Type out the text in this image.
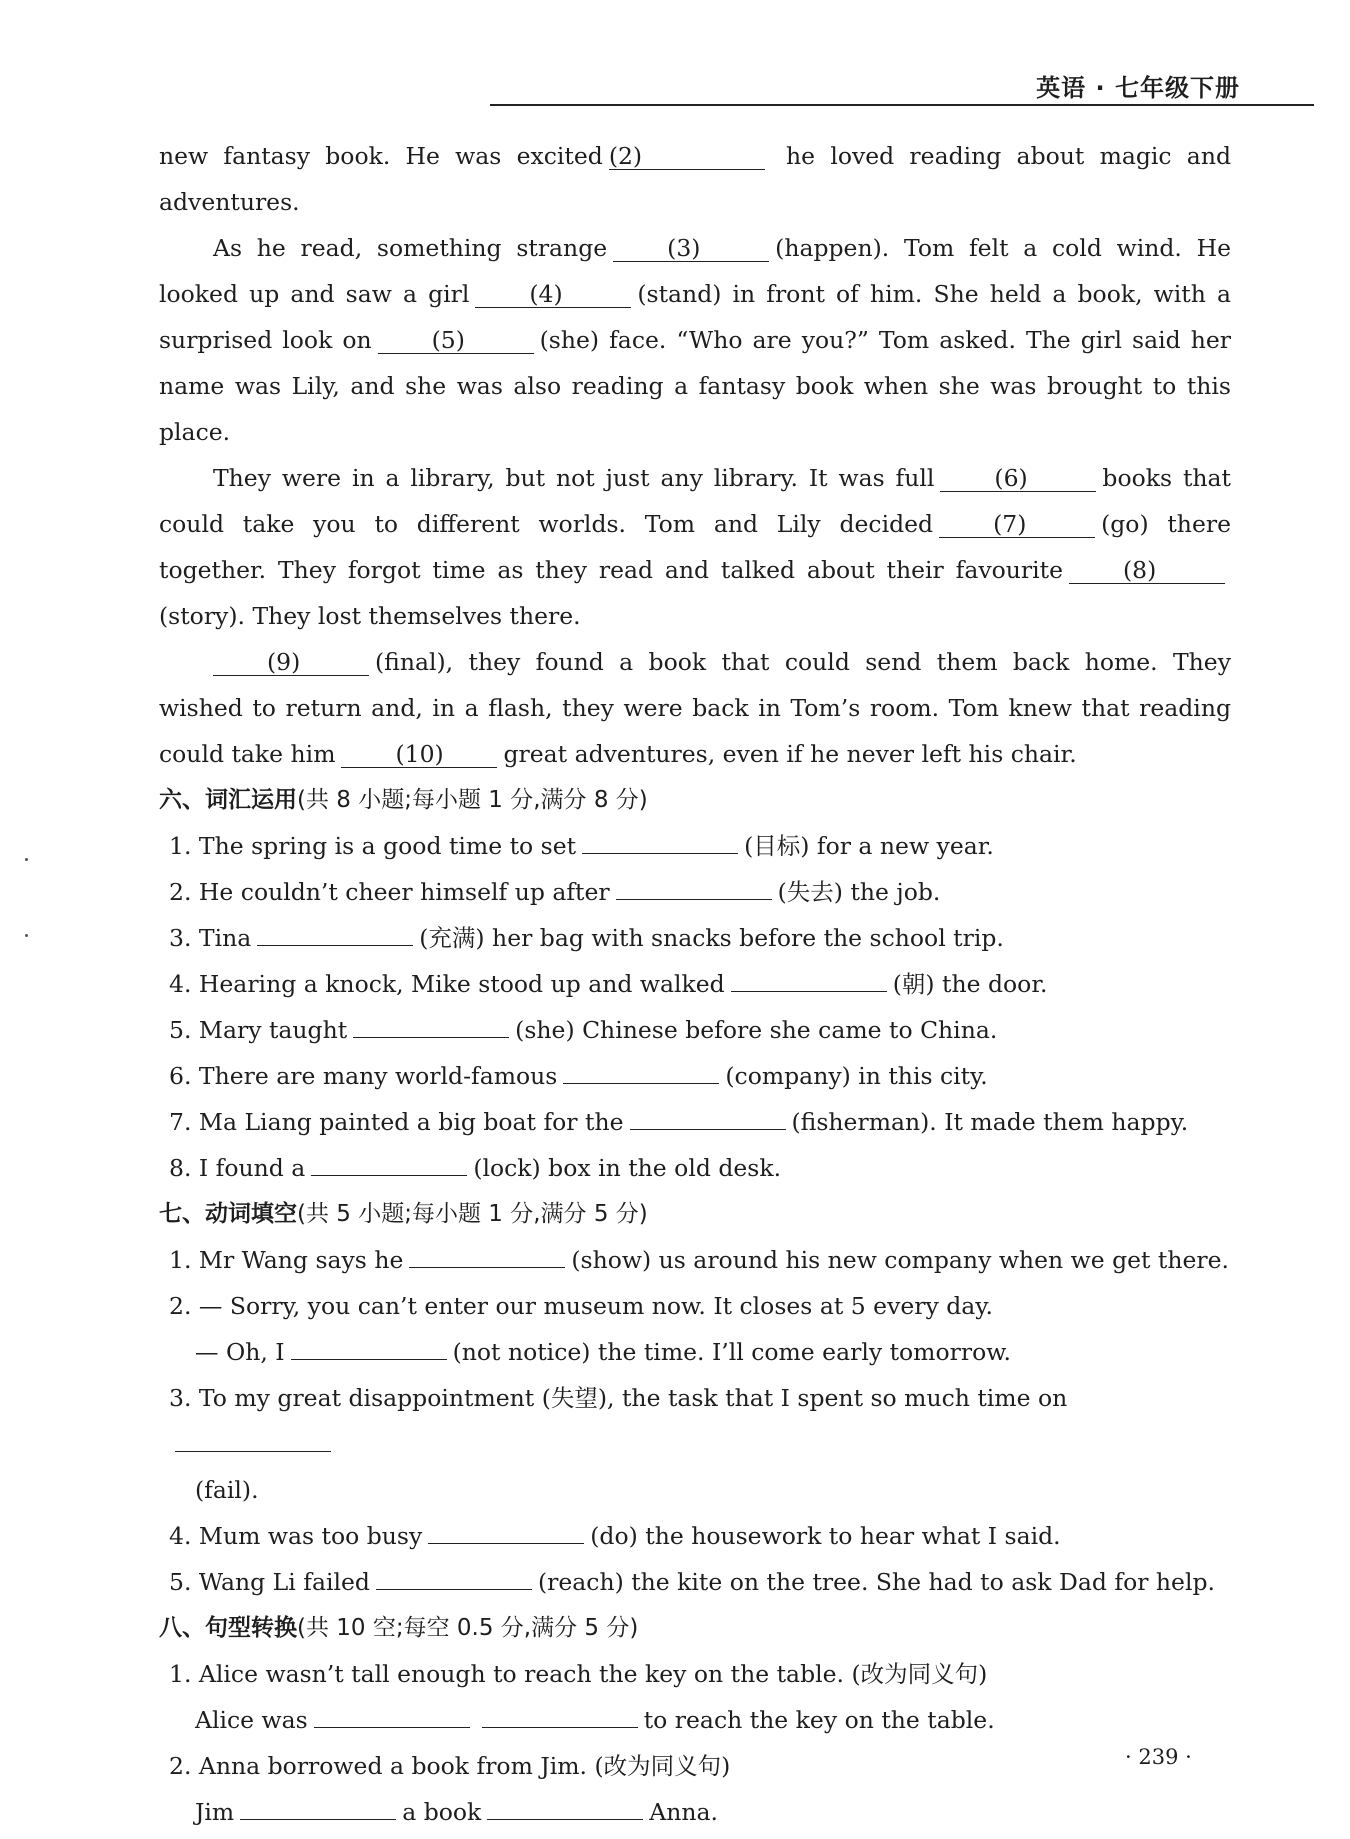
英语 · 七年级下册

new fantasy book. He was excited (2)	he loved reading about magic and adventures.

As he read, something strange	(3)	(happen). Tom felt a cold wind. He looked up and saw a girl	(4)	(stand) in front of him. She held a book, with a surprised look on	(5)	(she) face. “Who are you?” Tom asked. The girl said her name was Lily, and she was also reading a fantasy book when she was brought to this place.

They were in a library, but not just any library. It was full	(6)	books that could take you to different worlds. Tom and Lily decided	(7)	(go) there together. They forgot time as they read and talked about their favourite	(8)(story). They lost themselves there.

(9)	(final), they found a book that could send them back home. They wished to return and, in a flash, they were back in Tom’s room. Tom knew that reading could take him	(10)	great adventures, even if he never left his chair.

六、词汇运用(共 8 小题;每小题 1 分,满分 8 分)

1. The spring is a good time to set	(目标) for a new year.

2. He couldn’t cheer himself up after	(失去) the job.

3. Tina	(充满) her bag with snacks before the school trip.

4. Hearing a knock, Mike stood up and walked	(朝) the door.

5. Mary taught	(she) Chinese before she came to China.

6. There are many world-famous	(company) in this city.

7. Ma Liang painted a big boat for the	(fisherman). It made them happy.

8. I found a	(lock) box in the old desk.

七、动词填空(共 5 小题;每小题 1 分,满分 5 分)

1. Mr Wang says he	(show) us around his new company when we get there.

2. — Sorry, you can’t enter our museum now. It closes at 5 every day.

— Oh, I	(not notice) the time. I’ll come early tomorrow.

3. To my great disappointment (失望), the task that I spent so much time on

(fail).

4. Mum was too busy	(do) the housework to hear what I said.

5. Wang Li failed	(reach) the kite on the tree. She had to ask Dad for help.

八、句型转换(共 10 空;每空 0.5 分,满分 5 分)

1. Alice wasn’t tall enough to reach the key on the table. (改为同义句)

Alice was	to reach the key on the table.

2. Anna borrowed a book from Jim. (改为同义句)

Jim	a book	Anna.

· 239 ·
